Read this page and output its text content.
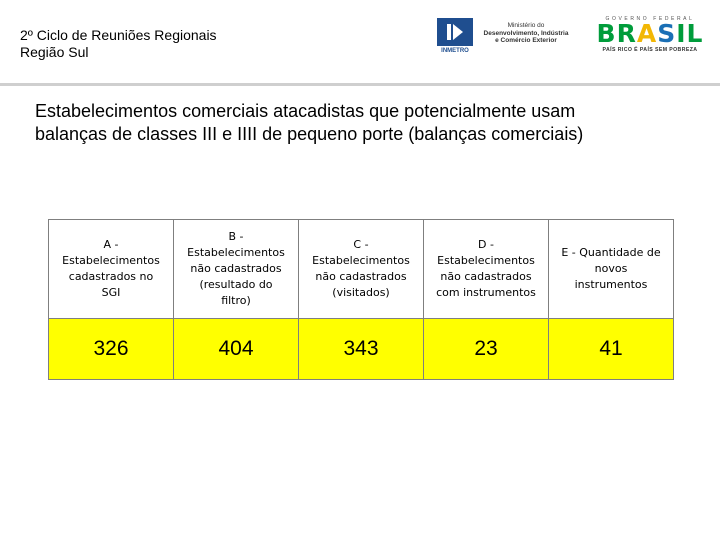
2º Ciclo de Reuniões Regionais
Região Sul	INMETRO
Ministério do
Desenvolvimento, Indústria
e Comércio Exterior
GOVERNO FEDERAL
BRASIL
PAÍS RICO É PAÍS SEM POBREZA
Estabelecimentos comerciais atacadistas que potencialmente usam
balanças de classes III e IIII de pequeno porte (balanças comerciais)
A -
Estabelecimentos
cadastrados no
SGI	B -
Estabelecimentos
não cadastrados
(resultado do
filtro)	C -
Estabelecimentos
não cadastrados
(visitados)	D -
Estabelecimentos
não cadastrados
com instrumentos	E - Quantidade de
novos
instrumentos

326	404	343	23	41
